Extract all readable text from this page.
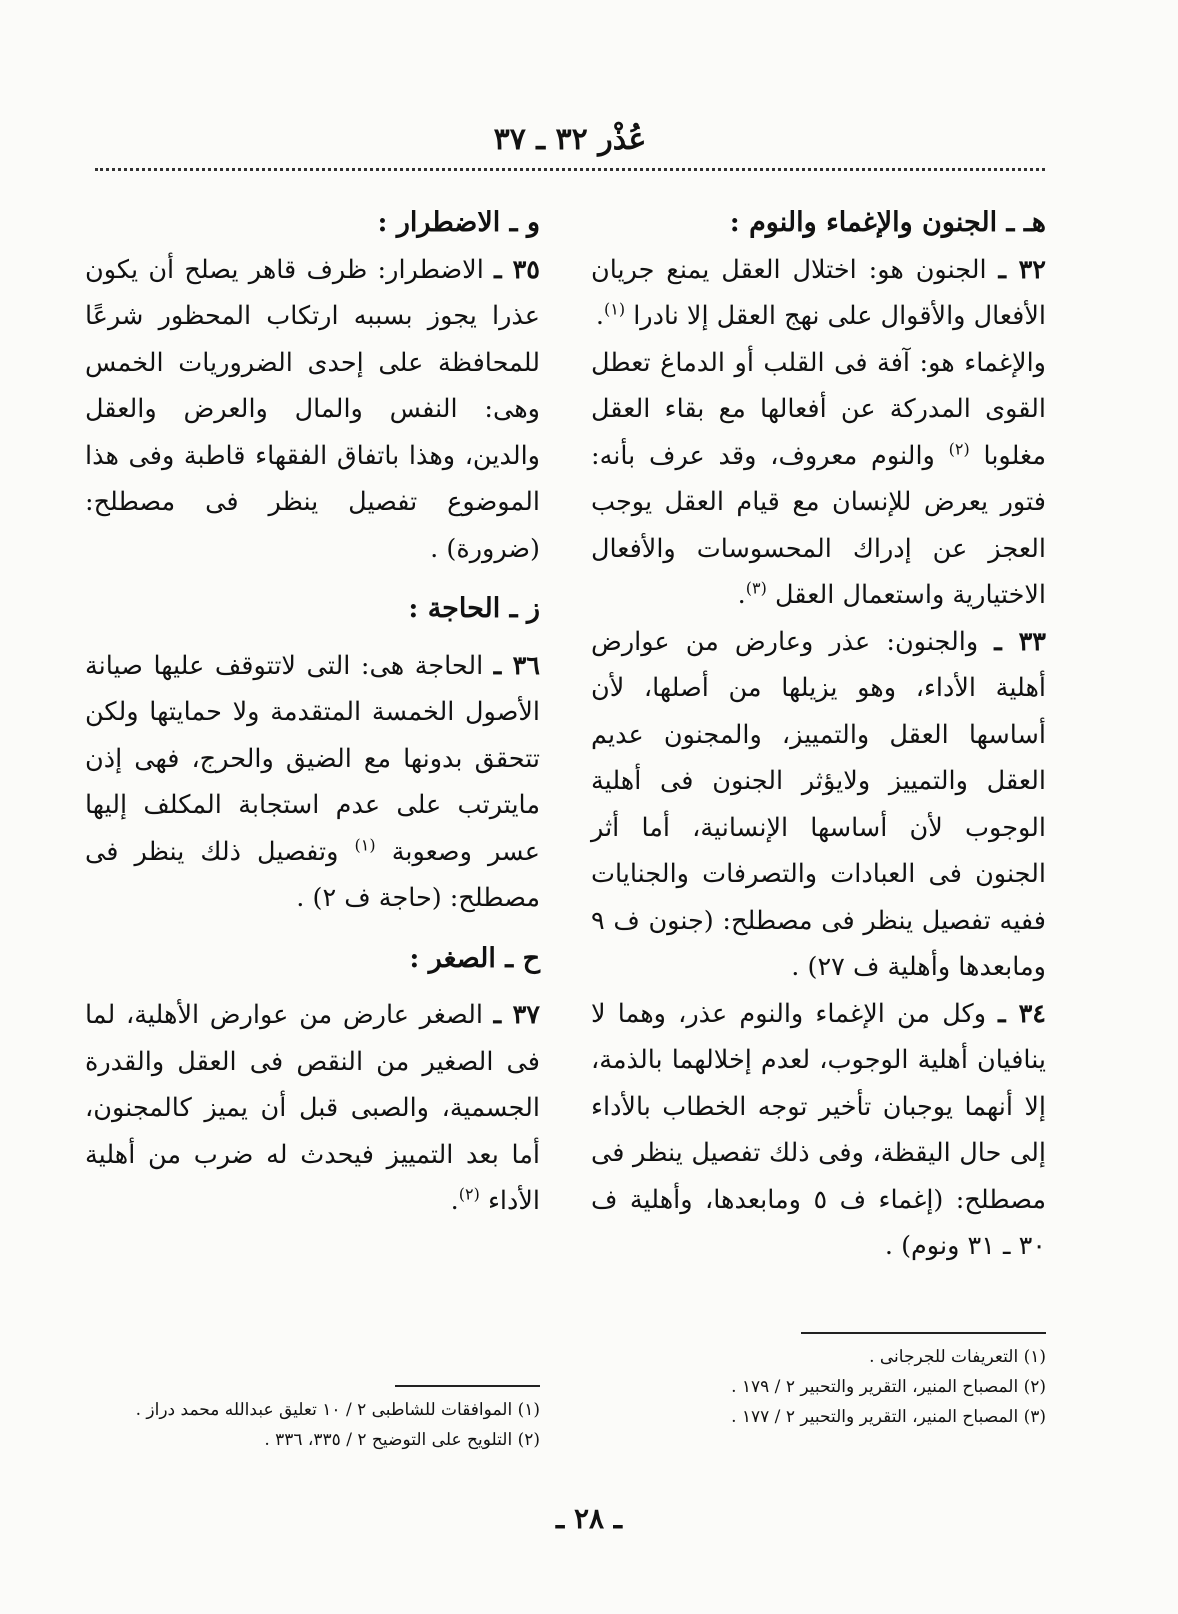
عُذْر ٣٢ ـ ٣٧

هـ ـ الجنون والإغماء والنوم :

٣٢ ـ الجنون هو: اختلال العقل يمنع جريان الأفعال والأقوال على نهج العقل إلا نادرا $^{(١)}$.

والإغماء هو: آفة فى القلب أو الدماغ تعطل القوى المدركة عن أفعالها مع بقاء العقل مغلوبا $^{(٢)}$ والنوم معروف، وقد عرف بأنه: فتور يعرض للإنسان مع قيام العقل يوجب العجز عن إدراك المحسوسات والأفعال الاختيارية واستعمال العقل $^{(٣)}$.

٣٣ ـ والجنون: عذر وعارض من عوارض أهلية الأداء، وهو يزيلها من أصلها، لأن أساسها العقل والتمييز، والمجنون عديم العقل والتمييز ولايؤثر الجنون فى أهلية الوجوب لأن أساسها الإنسانية، أما أثر الجنون فى العبادات والتصرفات والجنايات ففيه تفصيل ينظر فى مصطلح: (جنون ف ٩ ومابعدها وأهلية ف ٢٧) .

٣٤ ـ وكل من الإغماء والنوم عذر، وهما لا ينافيان أهلية الوجوب، لعدم إخلالهما بالذمة، إلا أنهما يوجبان تأخير توجه الخطاب بالأداء إلى حال اليقظة، وفى ذلك تفصيل ينظر فى مصطلح: (إغماء ف ٥ ومابعدها، وأهلية ف ٣٠ ـ ٣١ ونوم) .

و ـ الاضطرار :

٣٥ ـ الاضطرار: ظرف قاهر يصلح أن يكون عذرا يجوز بسببه ارتكاب المحظور شرعًا للمحافظة على إحدى الضروريات الخمس وهى: النفس والمال والعرض والعقل والدين، وهذا باتفاق الفقهاء قاطبة وفى هذا الموضوع تفصيل ينظر فى مصطلح: (ضرورة) .

ز ـ الحاجة :

٣٦ ـ الحاجة هى: التى لاتتوقف عليها صيانة الأصول الخمسة المتقدمة ولا حمايتها ولكن تتحقق بدونها مع الضيق والحرج، فهى إذن مايترتب على عدم استجابة المكلف إليها عسر وصعوبة $^{(١)}$ وتفصيل ذلك ينظر فى مصطلح: (حاجة ف ٢) .

ح ـ الصغر :

٣٧ ـ الصغر عارض من عوارض الأهلية، لما فى الصغير من النقص فى العقل والقدرة الجسمية، والصبى قبل أن يميز كالمجنون، أما بعد التمييز فيحدث له ضرب من أهلية الأداء $^{(٢)}$.

(١) التعريفات للجرجانى .
(٢) المصباح المنير، التقرير والتحبير ٢ / ١٧٩ .
(٣) المصباح المنير، التقرير والتحبير ٢ / ١٧٧ .
(١) الموافقات للشاطبى ٢ / ١٠ تعليق عبدالله محمد دراز .
(٢) التلويح على التوضيح ٢ / ٣٣٥، ٣٣٦ .
ـ ٢٨ ـ
